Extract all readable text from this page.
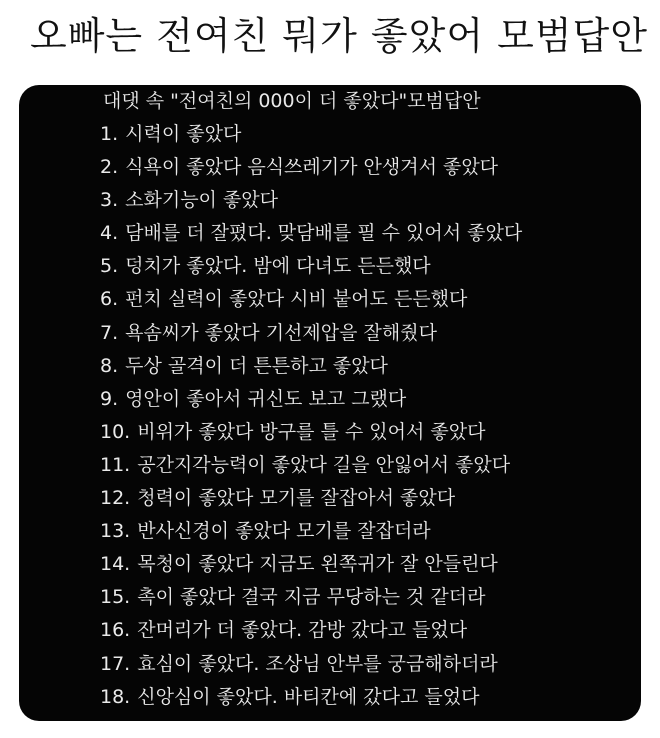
오빠는 전여친 뭐가 좋았어 모범답안
대댓 속 "전여친의 000이 더 좋았다"모범답안
1. 시력이 좋았다
2. 식욕이 좋았다 음식쓰레기가 안생겨서 좋았다
3. 소화기능이 좋았다
4. 담배를 더 잘폈다. 맞담배를 필 수 있어서 좋았다
5. 덩치가 좋았다. 밤에 다녀도 든든했다
6. 펀치 실력이 좋았다 시비 붙어도 든든했다
7. 욕솜씨가 좋았다 기선제압을 잘해줬다
8. 두상 골격이 더 튼튼하고 좋았다
9. 영안이 좋아서 귀신도 보고 그랬다
10. 비위가 좋았다 방구를 틀 수 있어서 좋았다
11. 공간지각능력이 좋았다 길을 안잃어서 좋았다
12. 청력이 좋았다 모기를 잘잡아서 좋았다
13. 반사신경이 좋았다 모기를 잘잡더라
14. 목청이 좋았다 지금도 왼쪽귀가 잘 안들린다
15. 촉이 좋았다 결국 지금 무당하는 것 같더라
16. 잔머리가 더 좋았다. 감방 갔다고 들었다
17. 효심이 좋았다. 조상님 안부를 궁금해하더라
18. 신앙심이 좋았다. 바티칸에 갔다고 들었다
